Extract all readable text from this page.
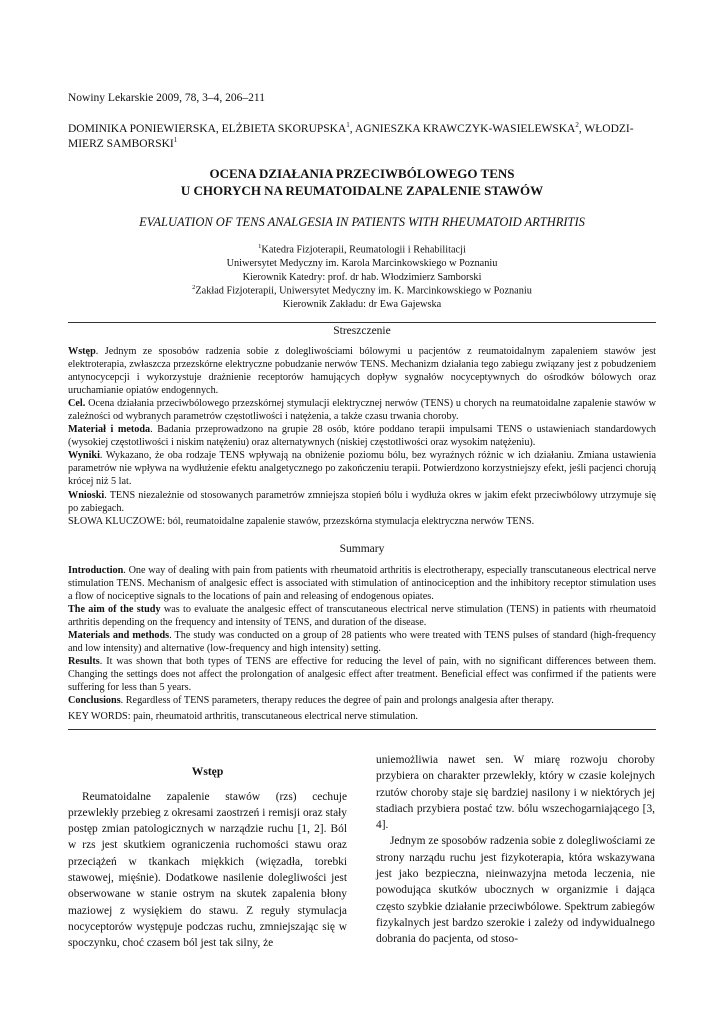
Nowiny Lekarskie 2009, 78, 3–4, 206–211
DOMINIKA PONIEWIERSKA, ELŻBIETA SKORUPSKA$^1$, AGNIESZKA KRAWCZYK-WASIELEWSKA$^2$, WŁODZI-
MIERZ SAMBORSKI$^1$
OCENA DZIAŁANIA PRZECIWBÓLOWEGO TENS
U CHORYCH NA REUMATOIDALNE ZAPALENIE STAWÓW
EVALUATION OF TENS ANALGESIA IN PATIENTS WITH RHEUMATOID ARTHRITIS
$^1$Katedra Fizjoterapii, Reumatologii i Rehabilitacji
Uniwersytet Medyczny im. Karola Marcinkowskiego w Poznaniu
Kierownik Katedry: prof. dr hab. Włodzimierz Samborski
$^2$Zakład Fizjoterapii, Uniwersytet Medyczny im. K. Marcinkowskiego w Poznaniu
Kierownik Zakładu: dr Ewa Gajewska
Streszczenie

Wstęp. Jednym ze sposobów radzenia sobie z dolegliwościami bólowymi u pacjentów z reumatoidalnym zapaleniem stawów jest elektroterapia, zwłaszcza przezskórne elektryczne pobudzanie nerwów TENS. Mechanizm działania tego zabiegu związany jest z pobudzeniem antynocycepcji i wykorzystuje drażnienie receptorów hamujących dopływ sygnałów nocyceptywnych do ośrodków bólowych oraz uruchamianie opiatów endogennych.

Cel. Ocena działania przeciwbólowego przezskórnej stymulacji elektrycznej nerwów (TENS) u chorych na reumatoidalne zapalenie stawów w zależności od wybranych parametrów częstotliwości i natężenia, a także czasu trwania choroby.

Materiał i metoda. Badania przeprowadzono na grupie 28 osób, które poddano terapii impulsami TENS o ustawieniach standardowych (wysokiej częstotliwości i niskim natężeniu) oraz alternatywnych (niskiej częstotliwości oraz wysokim natężeniu).

Wyniki. Wykazano, że oba rodzaje TENS wpływają na obniżenie poziomu bólu, bez wyraźnych różnic w ich działaniu. Zmiana ustawienia parametrów nie wpływa na wydłużenie efektu analgetycznego po zakończeniu terapii. Potwierdzono korzystniejszy efekt, jeśli pacjenci chorują krócej niż 5 lat.

Wnioski. TENS niezależnie od stosowanych parametrów zmniejsza stopień bólu i wydłuża okres w jakim efekt przeciwbólowy utrzymuje się po zabiegach.

SŁOWA KLUCZOWE: ból, reumatoidalne zapalenie stawów, przezskórna stymulacja elektryczna nerwów TENS.
Summary

Introduction. One way of dealing with pain from patients with rheumatoid arthritis is electrotherapy, especially transcutaneous electrical nerve stimulation TENS. Mechanism of analgesic effect is associated with stimulation of antinociception and the inhibitory receptor stimulation uses a flow of nociceptive signals to the locations of pain and releasing of endogenous opiates.

The aim of the study was to evaluate the analgesic effect of transcutaneous electrical nerve stimulation (TENS) in patients with rheumatoid arthritis depending on the frequency and intensity of TENS, and duration of the disease.

Materials and methods. The study was conducted on a group of 28 patients who were treated with TENS pulses of standard (high-frequency and low intensity) and alternative (low-frequency and high intensity) setting.

Results. It was shown that both types of TENS are effective for reducing the level of pain, with no significant differences between them. Changing the settings does not affect the prolongation of analgesic effect after treatment. Beneficial effect was confirmed if the patients were suffering for less than 5 years.

Conclusions. Regardless of TENS parameters, therapy reduces the degree of pain and prolongs analgesia after therapy.

KEY WORDS: pain, rheumatoid arthritis, transcutaneous electrical nerve stimulation.
Wstęp

Reumatoidalne zapalenie stawów (rzs) cechuje przewlekły przebieg z okresami zaostrzeń i remisji oraz stały postęp zmian patologicznych w narządzie ruchu [1, 2]. Ból w rzs jest skutkiem ograniczenia ruchomości stawu oraz przeciążeń w tkankach miękkich (więzadła, torebki stawowej, mięśnie). Dodatkowe nasilenie dolegliwości jest obserwowane w stanie ostrym na skutek zapalenia błony maziowej z wysiękiem do stawu. Z reguły stymulacja nocyceptorów występuje podczas ruchu, zmniejszając się w spoczynku, choć czasem ból jest tak silny, że

uniemożliwia nawet sen. W miarę rozwoju choroby przybiera on charakter przewlekły, który w czasie kolejnych rzutów choroby staje się bardziej nasilony i w niektórych jej stadiach przybiera postać tzw. bólu wszechogarniającego [3, 4].

Jednym ze sposobów radzenia sobie z dolegliwościami ze strony narządu ruchu jest fizykoterapia, która wskazywana jest jako bezpieczna, nieinwazyjna metoda leczenia, nie powodująca skutków ubocznych w organizmie i dająca często szybkie działanie przeciwbólowe. Spektrum zabiegów fizykalnych jest bardzo szerokie i zależy od indywidualnego dobrania do pacjenta, od stoso-
